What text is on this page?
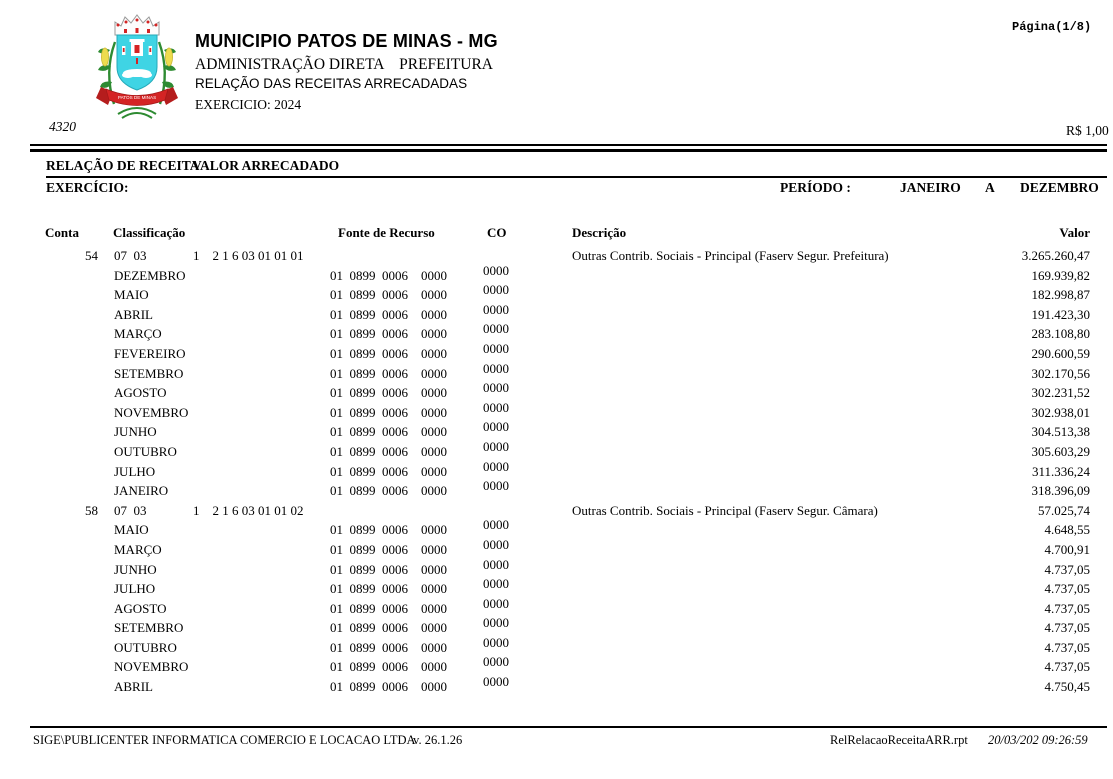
PATOS DE MINAS
MUNICIPIO PATOS DE MINAS - MG
ADMINISTRAÇÃO DIRETA    PREFEITURA
RELAÇÃO DAS RECEITAS ARRECADADAS
EXERCICIO: 2024
Página(1/8)
4320	R$ 1,00
RELAÇÃO DE RECEITA
VALOR ARRECADADO
EXERCÍCIO:	PERÍODO :	JANEIRO A DEZEMBRO
Conta	Classificação	Fonte de Recurso	CO	Descrição	Valor
54 07  03	1    2 1 6 03 01 01 01	Outras Contrib. Sociais - Principal (Faserv Segur. Prefeitura)	3.265.260,47
DEZEMBRO	01  0899  0006    0000	0000	169.939,82
MAIO	01  0899  0006    0000	0000	182.998,87
ABRIL	01  0899  0006    0000	0000	191.423,30
MARÇO	01  0899  0006    0000	0000	283.108,80
FEVEREIRO	01  0899  0006    0000	0000	290.600,59
SETEMBRO	01  0899  0006    0000	0000	302.170,56
AGOSTO	01  0899  0006    0000	0000	302.231,52
NOVEMBRO	01  0899  0006    0000	0000	302.938,01
JUNHO	01  0899  0006    0000	0000	304.513,38
OUTUBRO	01  0899  0006    0000	0000	305.603,29
JULHO	01  0899  0006    0000	0000	311.336,24
JANEIRO	01  0899  0006    0000	0000	318.396,09
58 07  03	1    2 1 6 03 01 01 02	Outras Contrib. Sociais - Principal (Faserv Segur. Câmara)	57.025,74
MAIO	01  0899  0006    0000	0000	4.648,55
MARÇO	01  0899  0006    0000	0000	4.700,91
JUNHO	01  0899  0006    0000	0000	4.737,05
JULHO	01  0899  0006    0000	0000	4.737,05
AGOSTO	01  0899  0006    0000	0000	4.737,05
SETEMBRO	01  0899  0006    0000	0000	4.737,05
OUTUBRO	01  0899  0006    0000	0000	4.737,05
NOVEMBRO	01  0899  0006    0000	0000	4.737,05
ABRIL	01  0899  0006    0000	0000	4.750,45
SIGE\PUBLICENTER INFORMATICA COMERCIO E LOCACAO LTDA
v. 26.1.26	RelRelacaoReceitaARR.rpt 20/03/202 09:26:59
